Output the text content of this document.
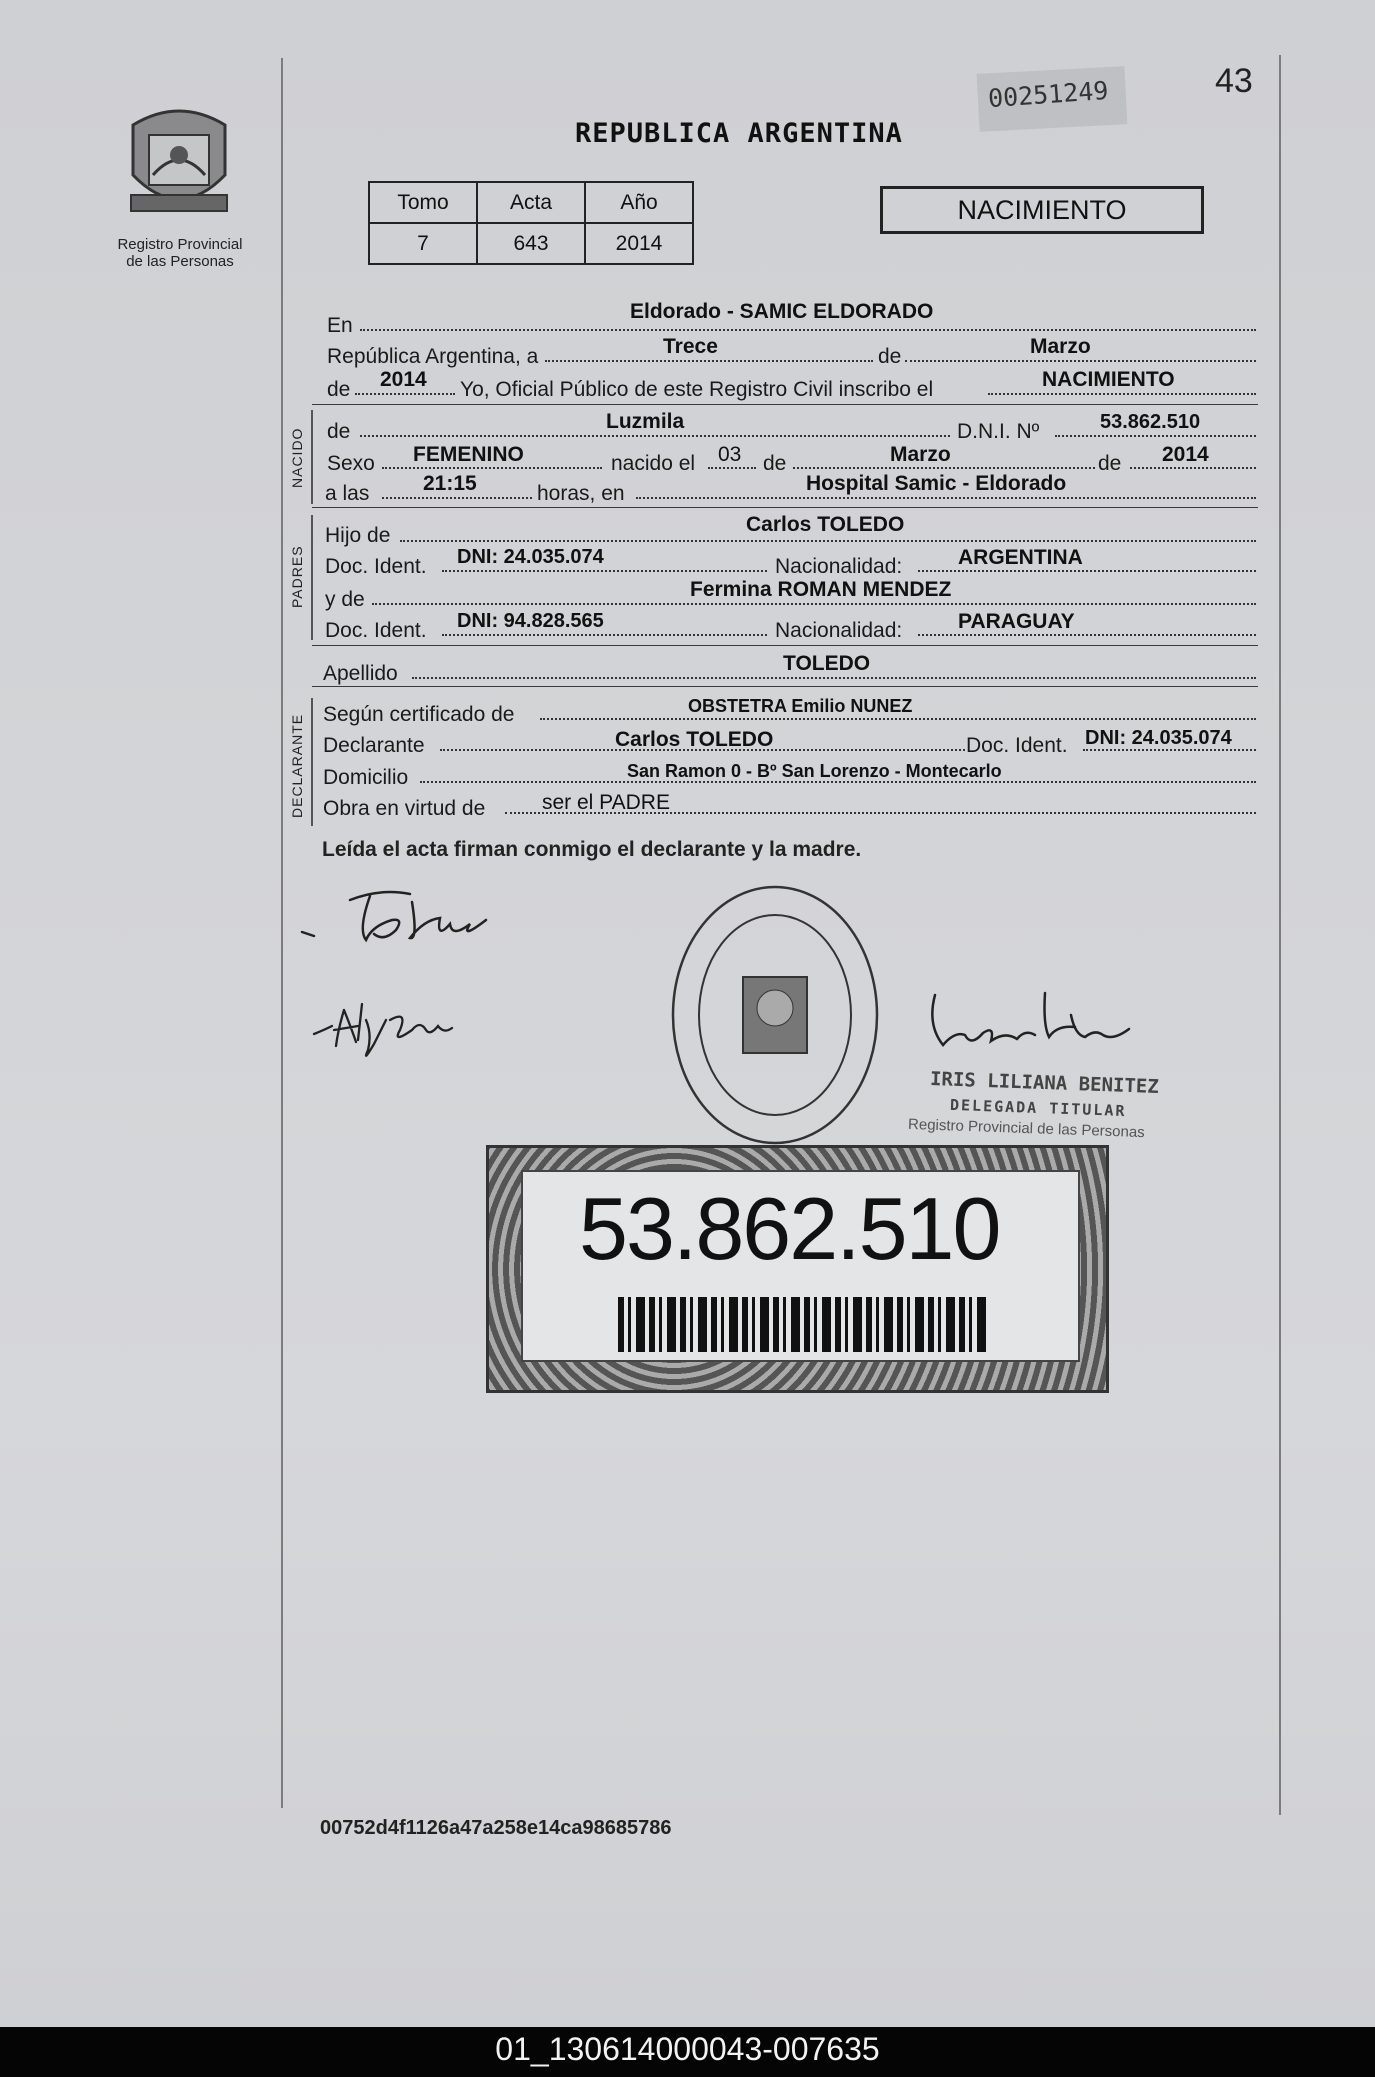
43
00251249
Registro Provincial
de las Personas
REPUBLICA ARGENTINA
Tomo	Acta	Año
7	643	2014
NACIMIENTO
En
Eldorado - SAMIC ELDORADO
República Argentina, a	Trece	de	Marzo
de 2014 Yo, Oficial Público de este Registro Civil inscribo el	NACIMIENTO
NACIDO de	Luzmila	D.N.I. Nº	53.862.510
Sexo FEMENINO	nacido el 03 de	Marzo	de 2014
a las	21:15	horas, en	Hospital Samic - Eldorado
PADRES
Hijo de	Carlos TOLEDO
Doc. Ident. DNI: 24.035.074	Nacionalidad:	ARGENTINA
y de	Fermina ROMAN MENDEZ
Doc. Ident. DNI: 94.828.565	Nacionalidad:	PARAGUAY
Apellido	TOLEDO
DECLARANTE Según certificado de	OBSTETRA Emilio NUNEZ
Declarante	Carlos TOLEDO	Doc. Ident. DNI: 24.035.074
Domicilio	San Ramon 0 - Bº San Lorenzo - Montecarlo
Obra en virtud de	ser el PADRE
Leída el acta firman conmigo el declarante y la madre.
IRIS LILIANA BENITEZ
DELEGADA TITULAR
Registro Provincial de las Personas
53.862.510
00752d4f1126a47a258e14ca98685786
01_130614000043-007635
